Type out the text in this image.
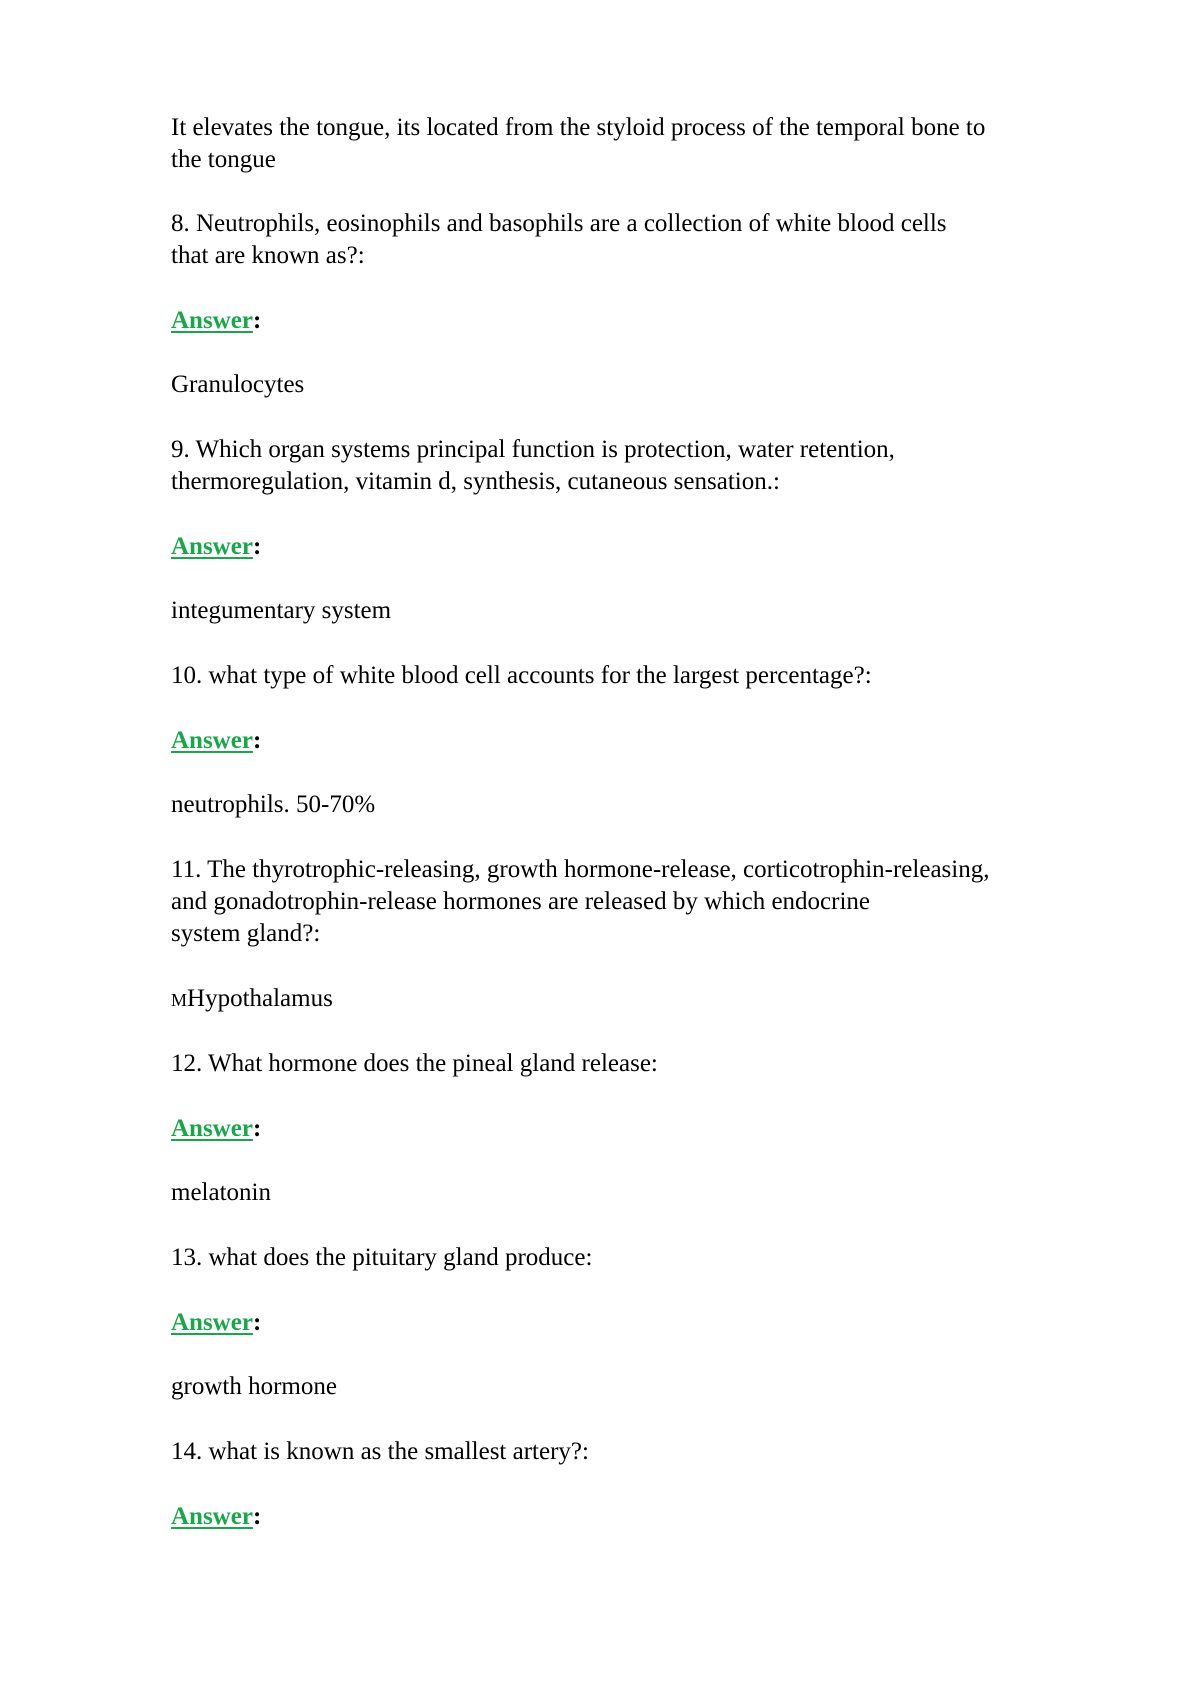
It elevates the tongue, its located from the styloid process of the temporal bone to
the tongue
8. Neutrophils, eosinophils and basophils are a collection of white blood cells
that are known as?:
Answer:
Granulocytes
9. Which organ systems principal function is protection, water retention,
thermoregulation, vitamin d, synthesis, cutaneous sensation.:
Answer:
integumentary system
10. what type of white blood cell accounts for the largest percentage?:
Answer:
neutrophils. 50-70%
11. The thyrotrophic-releasing, growth hormone-release, corticotrophin-releasing,
and gonadotrophin-release hormones are released by which endocrine
system gland?:
MHypothalamus
12. What hormone does the pineal gland release:
Answer:
melatonin
13. what does the pituitary gland produce:
Answer:
growth hormone
14. what is known as the smallest artery?:
Answer:
